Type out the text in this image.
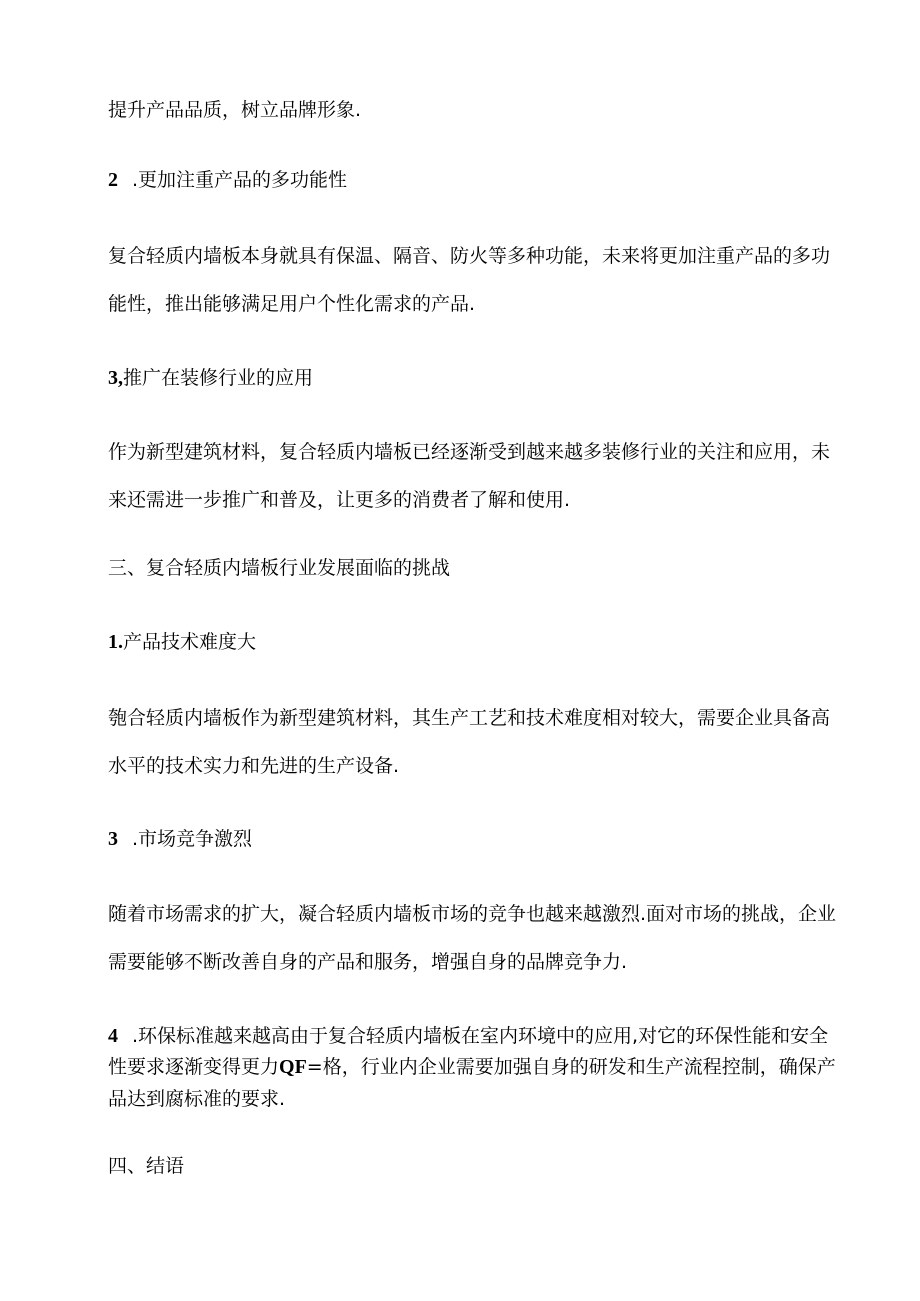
提升产品品质，树立品牌形象.
2 .更加注重产品的多功能性
复合轻质内墙板本身就具有保温、隔音、防火等多种功能，未来将更加注重产品的多功
能性，推出能够满足用户个性化需求的产品.
3,推广在装修行业的应用
作为新型建筑材料，复合轻质内墙板已经逐渐受到越来越多装修行业的关注和应用，未
来还需进一步推广和普及，让更多的消费者了解和使用.
三、复合轻质内墙板行业发展面临的挑战
1.产品技术难度大
匏合轻质内墙板作为新型建筑材料，其生产工艺和技术难度相对较大，需要企业具备高
水平的技术实力和先进的生产设备.
3 .市场竞争激烈
随着市场需求的扩大，凝合轻质内墙板市场的竞争也越来越激烈.面对市场的挑战，企业
需要能够不断改善自身的产品和服务，增强自身的品牌竞争力.
4 .环保标准越来越高由于复合轻质内墙板在室内环境中的应用,对它的环保性能和安全
性要求逐渐变得更力QF=格，行业内企业需要加强自身的研发和生产流程控制，确保产
品达到腐标准的要求.
四、结语
